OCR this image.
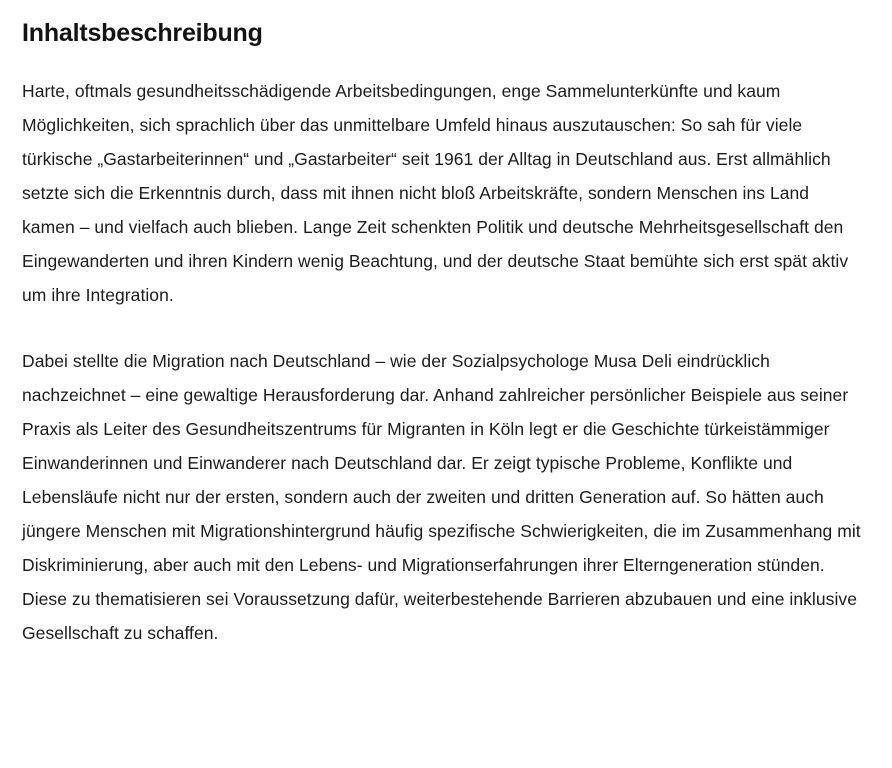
Inhaltsbeschreibung

Harte, oftmals gesundheitsschädigende Arbeitsbedingungen, enge Sammelunterkünfte und kaum Möglichkeiten, sich sprachlich über das unmittelbare Umfeld hinaus auszutauschen: So sah für viele türkische „Gastarbeiterinnen“ und „Gastarbeiter“ seit 1961 der Alltag in Deutschland aus. Erst allmählich setzte sich die Erkenntnis durch, dass mit ihnen nicht bloß Arbeitskräfte, sondern Menschen ins Land kamen – und vielfach auch blieben. Lange Zeit schenkten Politik und deutsche Mehrheitsgesellschaft den Eingewanderten und ihren Kindern wenig Beachtung, und der deutsche Staat bemühte sich erst spät aktiv um ihre Integration.

Dabei stellte die Migration nach Deutschland – wie der Sozialpsychologe Musa Deli eindrücklich nachzeichnet – eine gewaltige Herausforderung dar. Anhand zahlreicher persönlicher Beispiele aus seiner Praxis als Leiter des Gesundheitszentrums für Migranten in Köln legt er die Geschichte türkeistämmiger Einwanderinnen und Einwanderer nach Deutschland dar. Er zeigt typische Probleme, Konflikte und Lebensläufe nicht nur der ersten, sondern auch der zweiten und dritten Generation auf. So hätten auch jüngere Menschen mit Migrationshintergrund häufig spezifische Schwierigkeiten, die im Zusammenhang mit Diskriminierung, aber auch mit den Lebens- und Migrationserfahrungen ihrer Elterngeneration stünden. Diese zu thematisieren sei Voraussetzung dafür, weiterbestehende Barrieren abzubauen und eine inklusive Gesellschaft zu schaffen.
